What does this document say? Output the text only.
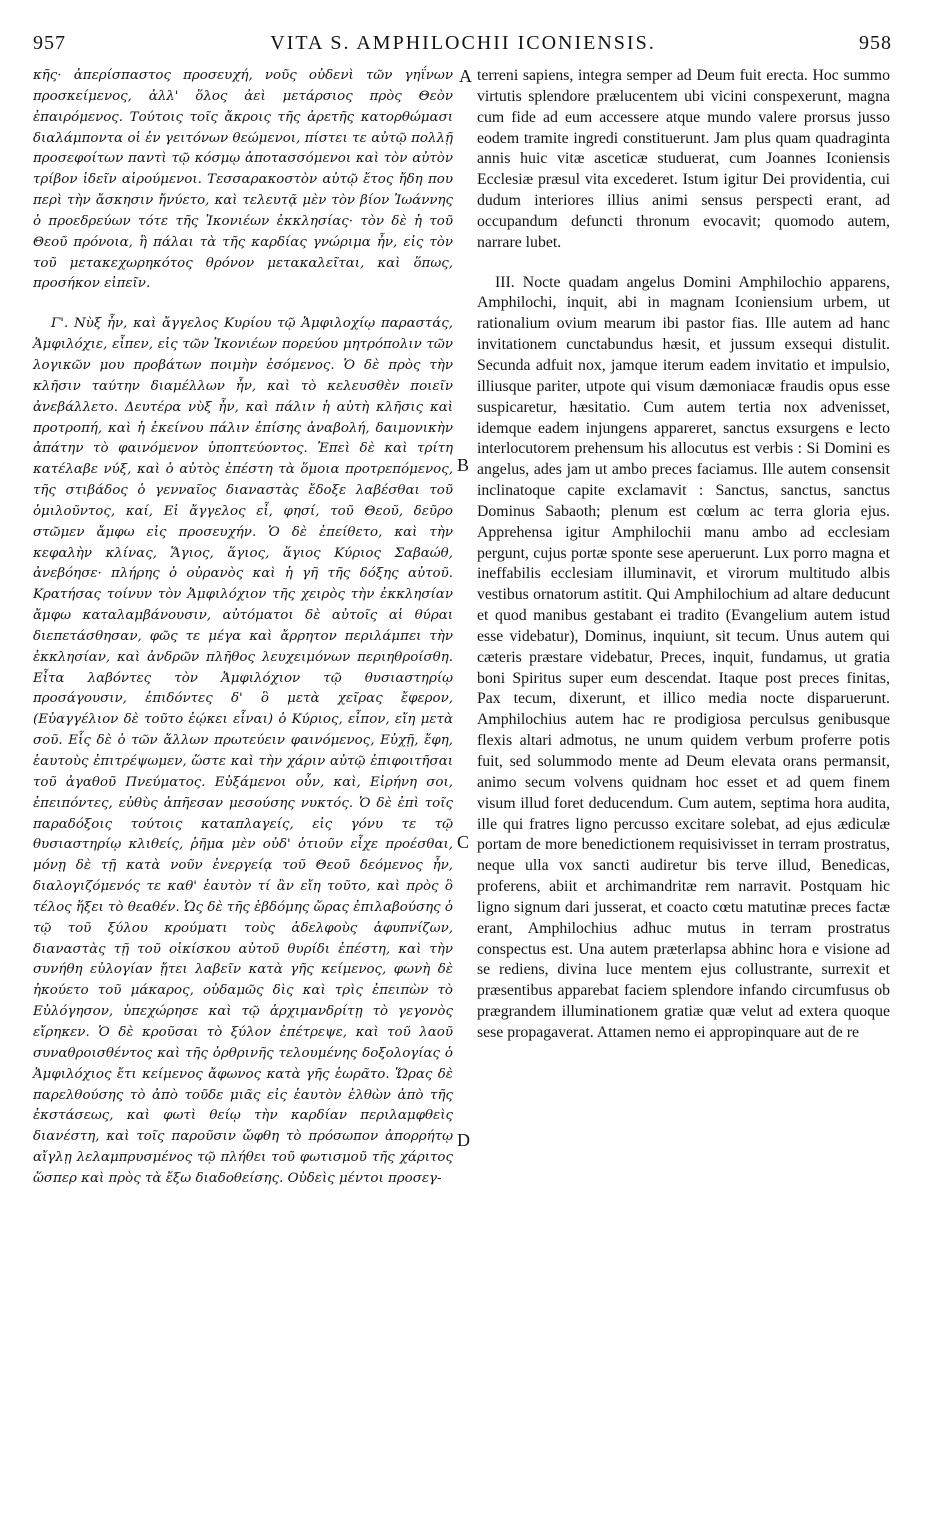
957	VITA S. AMPHILOCHII ICONIENSIS.	958

κῆς· ἀπερίσπαστος προσευχή, νοῦς οὐδενὶ τῶν γηΐνων προσκείμενος, ἀλλ' ὅλος ἀεὶ μετάρσιος πρὸς Θεὸν ἐπαιρόμενος. Τούτοις τοῖς ἄκροις τῆς ἀρετῆς κατορθώμασι διαλάμποντα οἱ ἐν γειτόνων θεώμενοι, πίστει τε αὐτῷ πολλῇ προσεφοίτων παντὶ τῷ κόσμῳ ἀποτασσόμενοι καὶ τὸν αὐτὸν τρίβον ἰδεῖν αἱρούμενοι. Τεσσαρακοστὸν αὐτῷ ἔτος ἤδη που περὶ τὴν ἄσκησιν ἤνύετο, καὶ τελευτᾷ μὲν τὸν βίον Ἰωάννης ὁ προεδρεύων τότε τῆς Ἰκονιέων ἐκκλησίας· τὸν δὲ ἡ τοῦ Θεοῦ πρόνοια, ἣ πάλαι τὰ τῆς καρδίας γνώριμα ἦν, εἰς τὸν τοῦ μετακεχωρηκότος θρόνον μετακαλεῖται, καὶ ὅπως, προσήκον εἰπεῖν.

Γ'. Νὺξ ἦν, καὶ ἄγγελος Κυρίου τῷ Ἀμφιλοχίῳ παραστάς, Ἀμφιλόχιε, εἶπεν, εἰς τῶν Ἰκονιέων πορεύου μητρόπολιν τῶν λογικῶν μου προβάτων ποιμὴν ἐσόμενος. Ὁ δὲ πρὸς τὴν κλῆσιν ταύτην διαμέλλων ἦν, καὶ τὸ κελευσθὲν ποιεῖν ἀνεβάλλετο. Δευτέρα νὺξ ἦν, καὶ πάλιν ἡ αὐτὴ κλῆσις καὶ προτροπή, καὶ ἡ ἐκείνου πάλιν ἐπίσης ἀναβολή, δαιμονικὴν ἀπάτην τὸ φαινόμενον ὑποπτεύοντος. Ἐπεὶ δὲ καὶ τρίτη κατέλαβε νύξ, καὶ ὁ αὐτὸς ἐπέστη τὰ ὅμοια προτρεπόμενος, τῆς στιβάδος ὁ γενναῖος διαναστὰς ἔδοξε λαβέσθαι τοῦ ὁμιλοῦντος, καί, Εἰ ἄγγελος εἶ, φησί, τοῦ Θεοῦ, δεῦρο στῶμεν ἄμφω εἰς προσευχήν. Ὁ δὲ ἐπείθετο, καὶ τὴν κεφαλὴν κλίνας, Ἅγιος, ἅγιος, ἅγιος Κύριος Σαβαώθ, ἀνεβόησε· πλήρης ὁ οὐρανὸς καὶ ἡ γῆ τῆς δόξης αὐτοῦ. Κρατήσας τοίνυν τὸν Ἀμφιλόχιον τῆς χειρὸς τὴν ἐκκλησίαν ἄμφω καταλαμβάνουσιν, αὐτόματοι δὲ αὐτοῖς αἱ θύραι διεπετάσθησαν, φῶς τε μέγα καὶ ἄρρητον περιλάμπει τὴν ἐκκλησίαν, καὶ ἀνδρῶν πλῆθος λευχειμόνων περιηθροίσθη. Εἶτα λαβόντες τὸν Ἀμφιλόχιον τῷ θυσιαστηρίῳ προσάγουσιν, ἐπιδόντες δ' ὃ μετὰ χεῖρας ἔφερον, (Εὐαγγέλιον δὲ τοῦτο ἐῴκει εἶναι) ὁ Κύριος, εἶπον, εἴη μετὰ σοῦ. Εἷς δὲ ὁ τῶν ἄλλων πρωτεύειν φαινόμενος, Εὐχῇ, ἔφη, ἑαυτοὺς ἐπιτρέψωμεν, ὥστε καὶ τὴν χάριν αὐτῷ ἐπιφοιτῆσαι τοῦ ἀγαθοῦ Πνεύματος. Εὐξάμενοι οὖν, καὶ, Εἰρήνη σοι, ἐπειπόντες, εὐθὺς ἀπῆεσαν μεσούσης νυκτός. Ὁ δὲ ἐπὶ τοῖς παραδόξοις τούτοις καταπλαγείς, εἰς γόνυ τε τῷ θυσιαστηρίῳ κλιθείς, ῥῆμα μὲν οὐδ' ὁτιοῦν εἶχε προέσθαι, μόνῃ δὲ τῇ κατὰ νοῦν ἐνεργείᾳ τοῦ Θεοῦ δεόμενος ἦν, διαλογιζόμενός τε καθ' ἑαυτὸν τί ἂν εἴη τοῦτο, καὶ πρὸς ὃ τέλος ἥξει τὸ θεαθέν. Ὡς δὲ τῆς ἑβδόμης ὥρας ἐπιλαβούσης ὁ τῷ τοῦ ξύλου κρούματι τοὺς ἀδελφοὺς ἀφυπνίζων, διαναστὰς τῇ τοῦ οἰκίσκου αὐτοῦ θυρίδι ἐπέστη, καὶ τὴν συνήθη εὐλογίαν ᾔτει λαβεῖν κατὰ γῆς κείμενος, φωνὴ δὲ ἠκούετο τοῦ μάκαρος, οὐδαμῶς δὶς καὶ τρὶς ἐπειπὼν τὸ Εὐλόγησον, ὑπεχώρησε καὶ τῷ ἀρχιμανδρίτῃ τὸ γεγονὸς εἴρηκεν. Ὁ δὲ κροῦσαι τὸ ξύλον ἐπέτρεψε, καὶ τοῦ λαοῦ συναθροισθέντος καὶ τῆς ὀρθρινῆς τελουμένης δοξολογίας ὁ Ἀμφιλόχιος ἔτι κείμενος ἄφωνος κατὰ γῆς ἑωρᾶτο. Ὥρας δὲ παρελθούσης τὸ ἀπὸ τοῦδε μιᾶς εἰς ἑαυτὸν ἐλθὼν ἀπὸ τῆς ἐκστάσεως, καὶ φωτὶ θείῳ τὴν καρδίαν περιλαμφθεὶς διανέστη, καὶ τοῖς παροῦσιν ὤφθη τὸ πρόσωπον ἀπορρήτῳ αἴγλῃ λελαμπρυσμένος τῷ πλήθει τοῦ φωτισμοῦ τῆς χάριτος ὥσπερ καὶ πρὸς τὰ ἔξω διαδοθείσης. Οὐδεὶς μέντοι προσεγ-

A
B
C
D

terreni sapiens, integra semper ad Deum fuit erecta. Hoc summo virtutis splendore prælucentem ubi vicini conspexerunt, magna cum fide ad eum accessere atque mundo valere prorsus jusso eodem tramite ingredi constituerunt. Jam plus quam quadraginta annis huic vitæ asceticæ studuerat, cum Joannes Iconiensis Ecclesiæ præsul vita excederet. Istum igitur Dei providentia, cui dudum interiores illius animi sensus perspecti erant, ad occupandum defuncti thronum evocavit; quomodo autem, narrare lubet.

III. Nocte quadam angelus Domini Amphilochio apparens, Amphilochi, inquit, abi in magnam Iconiensium urbem, ut rationalium ovium mearum ibi pastor fias. Ille autem ad hanc invitationem cunctabundus hæsit, et jussum exsequi distulit. Secunda adfuit nox, jamque iterum eadem invitatio et impulsio, illiusque pariter, utpote qui visum dæmoniacæ fraudis opus esse suspicaretur, hæsitatio. Cum autem tertia nox advenisset, idemque eadem injungens appareret, sanctus exsurgens e lecto interlocutorem prehensum his allocutus est verbis : Si Domini es angelus, ades jam ut ambo preces faciamus. Ille autem consensit inclinatoque capite exclamavit : Sanctus, sanctus, sanctus Dominus Sabaoth; plenum est cœlum ac terra gloria ejus. Apprehensa igitur Amphilochii manu ambo ad ecclesiam pergunt, cujus portæ sponte sese aperuerunt. Lux porro magna et ineffabilis ecclesiam illuminavit, et virorum multitudo albis vestibus ornatorum astitit. Qui Amphilochium ad altare deducunt et quod manibus gestabant ei tradito (Evangelium autem istud esse videbatur), Dominus, inquiunt, sit tecum. Unus autem qui cæteris præstare videbatur, Preces, inquit, fundamus, ut gratia boni Spiritus super eum descendat. Itaque post preces finitas, Pax tecum, dixerunt, et illico media nocte disparuerunt. Amphilochius autem hac re prodigiosa perculsus genibusque flexis altari admotus, ne unum quidem verbum proferre potis fuit, sed solummodo mente ad Deum elevata orans permansit, animo secum volvens quidnam hoc esset et ad quem finem visum illud foret deducendum. Cum autem, septima hora audita, ille qui fratres ligno percusso excitare solebat, ad ejus ædiculæ portam de more benedictionem requisivisset in terram prostratus, neque ulla vox sancti audiretur bis terve illud, Benedicas, proferens, abiit et archimandritæ rem narravit. Postquam hic ligno signum dari jusserat, et coacto cœtu matutinæ preces factæ erant, Amphilochius adhuc mutus in terram prostratus conspectus est. Una autem præterlapsa abhinc hora e visione ad se rediens, divina luce mentem ejus collustrante, surrexit et præsentibus apparebat faciem splendore infando circumfusus ob prægrandem illuminationem gratiæ quæ velut ad extera quoque sese propagaverat. Attamen nemo ei appropinquare aut de re
